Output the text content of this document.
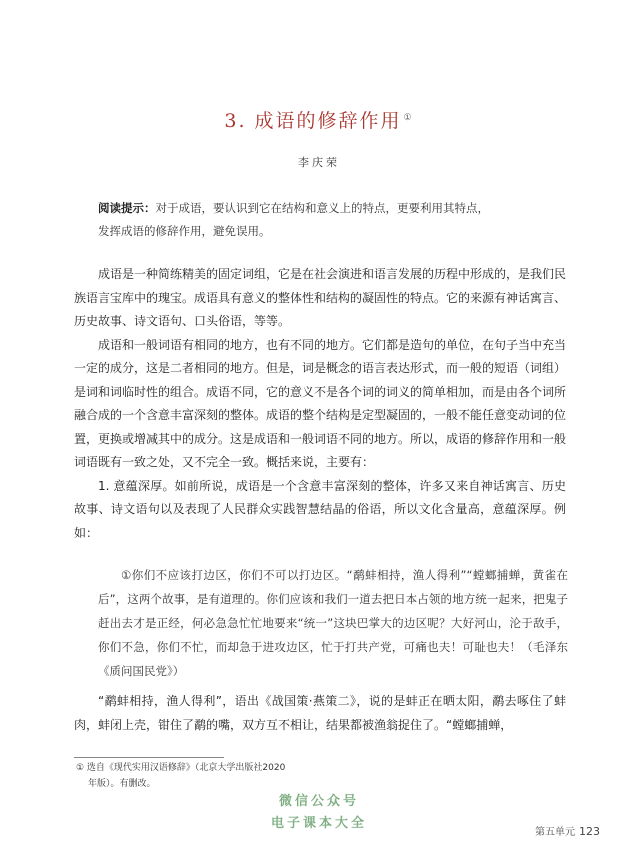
3. 成语的修辞作用 ①
李庆荣

阅读提示：对于成语，要认识到它在结构和意义上的特点，更要利用其特点，

发挥成语的修辞作用，避免误用。

成语是一种简练精美的固定词组，它是在社会演进和语言发展的历程中形成的，是我们民族语言宝库中的瑰宝。成语具有意义的整体性和结构的凝固性的特点。它的来源有神话寓言、历史故事、诗文语句、口头俗语，等等。

成语和一般词语有相同的地方，也有不同的地方。它们都是造句的单位，在句子当中充当一定的成分，这是二者相同的地方。但是，词是概念的语言表达形式，而一般的短语（词组）是词和词临时性的组合。成语不同，它的意义不是各个词的词义的简单相加，而是由各个词所融合成的一个含意丰富深刻的整体。成语的整个结构是定型凝固的，一般不能任意变动词的位置，更换或增减其中的成分。这是成语和一般词语不同的地方。所以，成语的修辞作用和一般词语既有一致之处，又不完全一致。概括来说，主要有：

1. 意蕴深厚。如前所说，成语是一个含意丰富深刻的整体，许多又来自神话寓言、历史故事、诗文语句以及表现了人民群众实践智慧结晶的俗语，所以文化含量高，意蕴深厚。例如：

①你们不应该打边区，你们不可以打边区。“鹬蚌相持，渔人得利”“螳螂捕蝉，黄雀在后”，这两个故事，是有道理的。你们应该和我们一道去把日本占领的地方统一起来，把鬼子赶出去才是正经，何必急急忙忙地要来“统一”这块巴掌大的边区呢？大好河山，沦于敌手，你们不急，你们不忙，而却急于进攻边区，忙于打共产党，可痛也夫！可耻也夫！（毛泽东《质问国民党》）

“鹬蚌相持，渔人得利”，语出《战国策·燕策二》，说的是蚌正在晒太阳，鹬去啄住了蚌肉，蚌闭上壳，钳住了鹬的嘴，双方互不相让，结果都被渔翁捉住了。“螳螂捕蝉，

① 选自《现代实用汉语修辞》（北京大学出版社2020
年版）。有删改。
微信公众号
电子课本大全
第五单元 123
